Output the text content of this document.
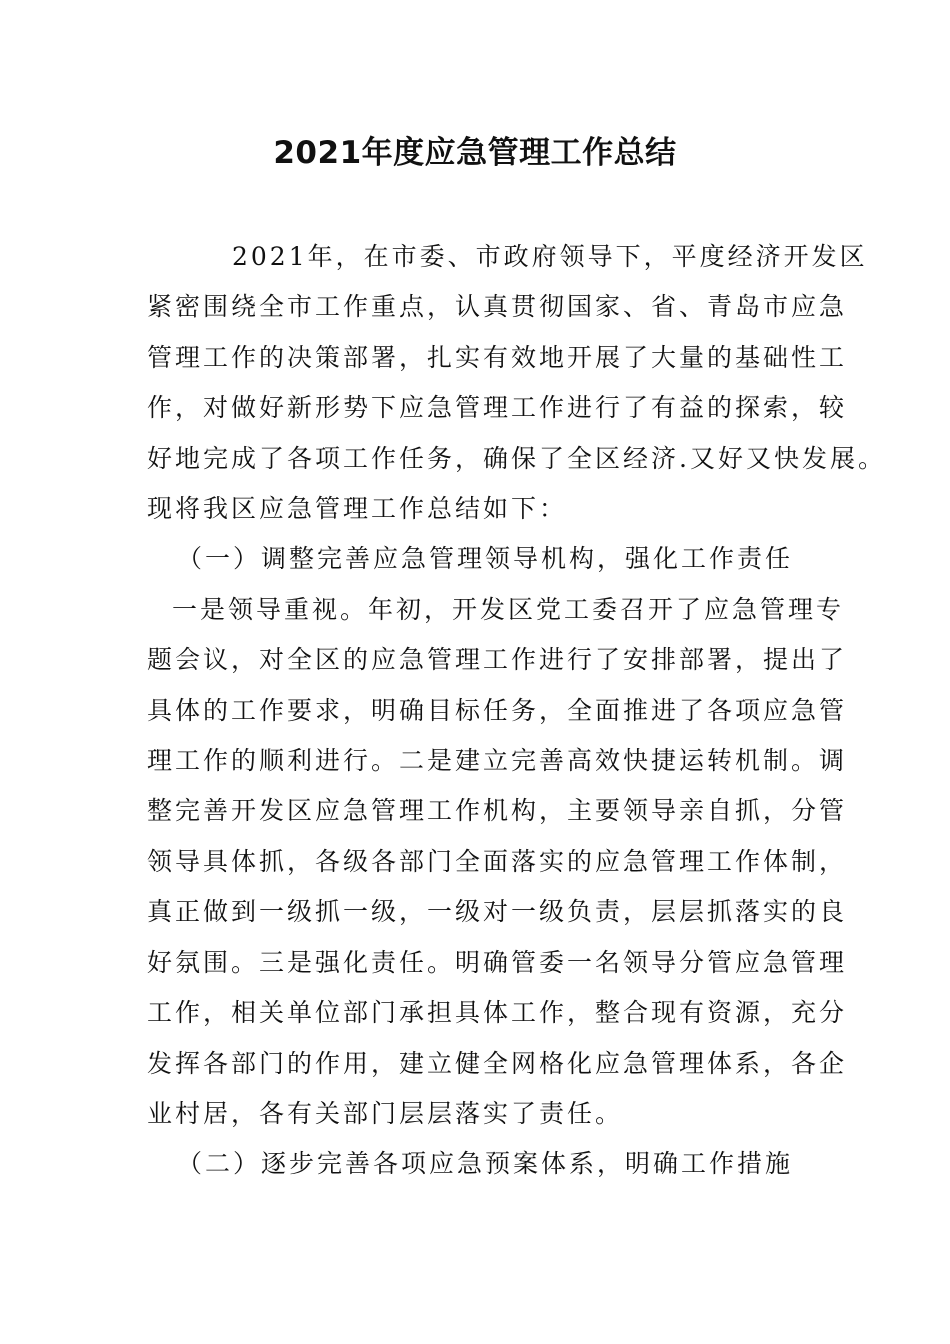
2021年度应急管理工作总结

2021年，在市委、市政府领导下，平度经济开发区

紧密围绕全市工作重点，认真贯彻国家、省、青岛市应急

管理工作的决策部署，扎实有效地开展了大量的基础性工

作，对做好新形势下应急管理工作进行了有益的探索，较

好地完成了各项工作任务，确保了全区经济.又好又快发展。

现将我区应急管理工作总结如下：

（一）调整完善应急管理领导机构，强化工作责任

一是领导重视。年初，开发区党工委召开了应急管理专

题会议，对全区的应急管理工作进行了安排部署，提出了

具体的工作要求，明确目标任务，全面推进了各项应急管

理工作的顺利进行。二是建立完善高效快捷运转机制。调

整完善开发区应急管理工作机构，主要领导亲自抓，分管

领导具体抓，各级各部门全面落实的应急管理工作体制，

真正做到一级抓一级，一级对一级负责，层层抓落实的良

好氛围。三是强化责任。明确管委一名领导分管应急管理

工作，相关单位部门承担具体工作，整合现有资源，充分

发挥各部门的作用，建立健全网格化应急管理体系，各企

业村居，各有关部门层层落实了责任。

（二）逐步完善各项应急预案体系，明确工作措施
